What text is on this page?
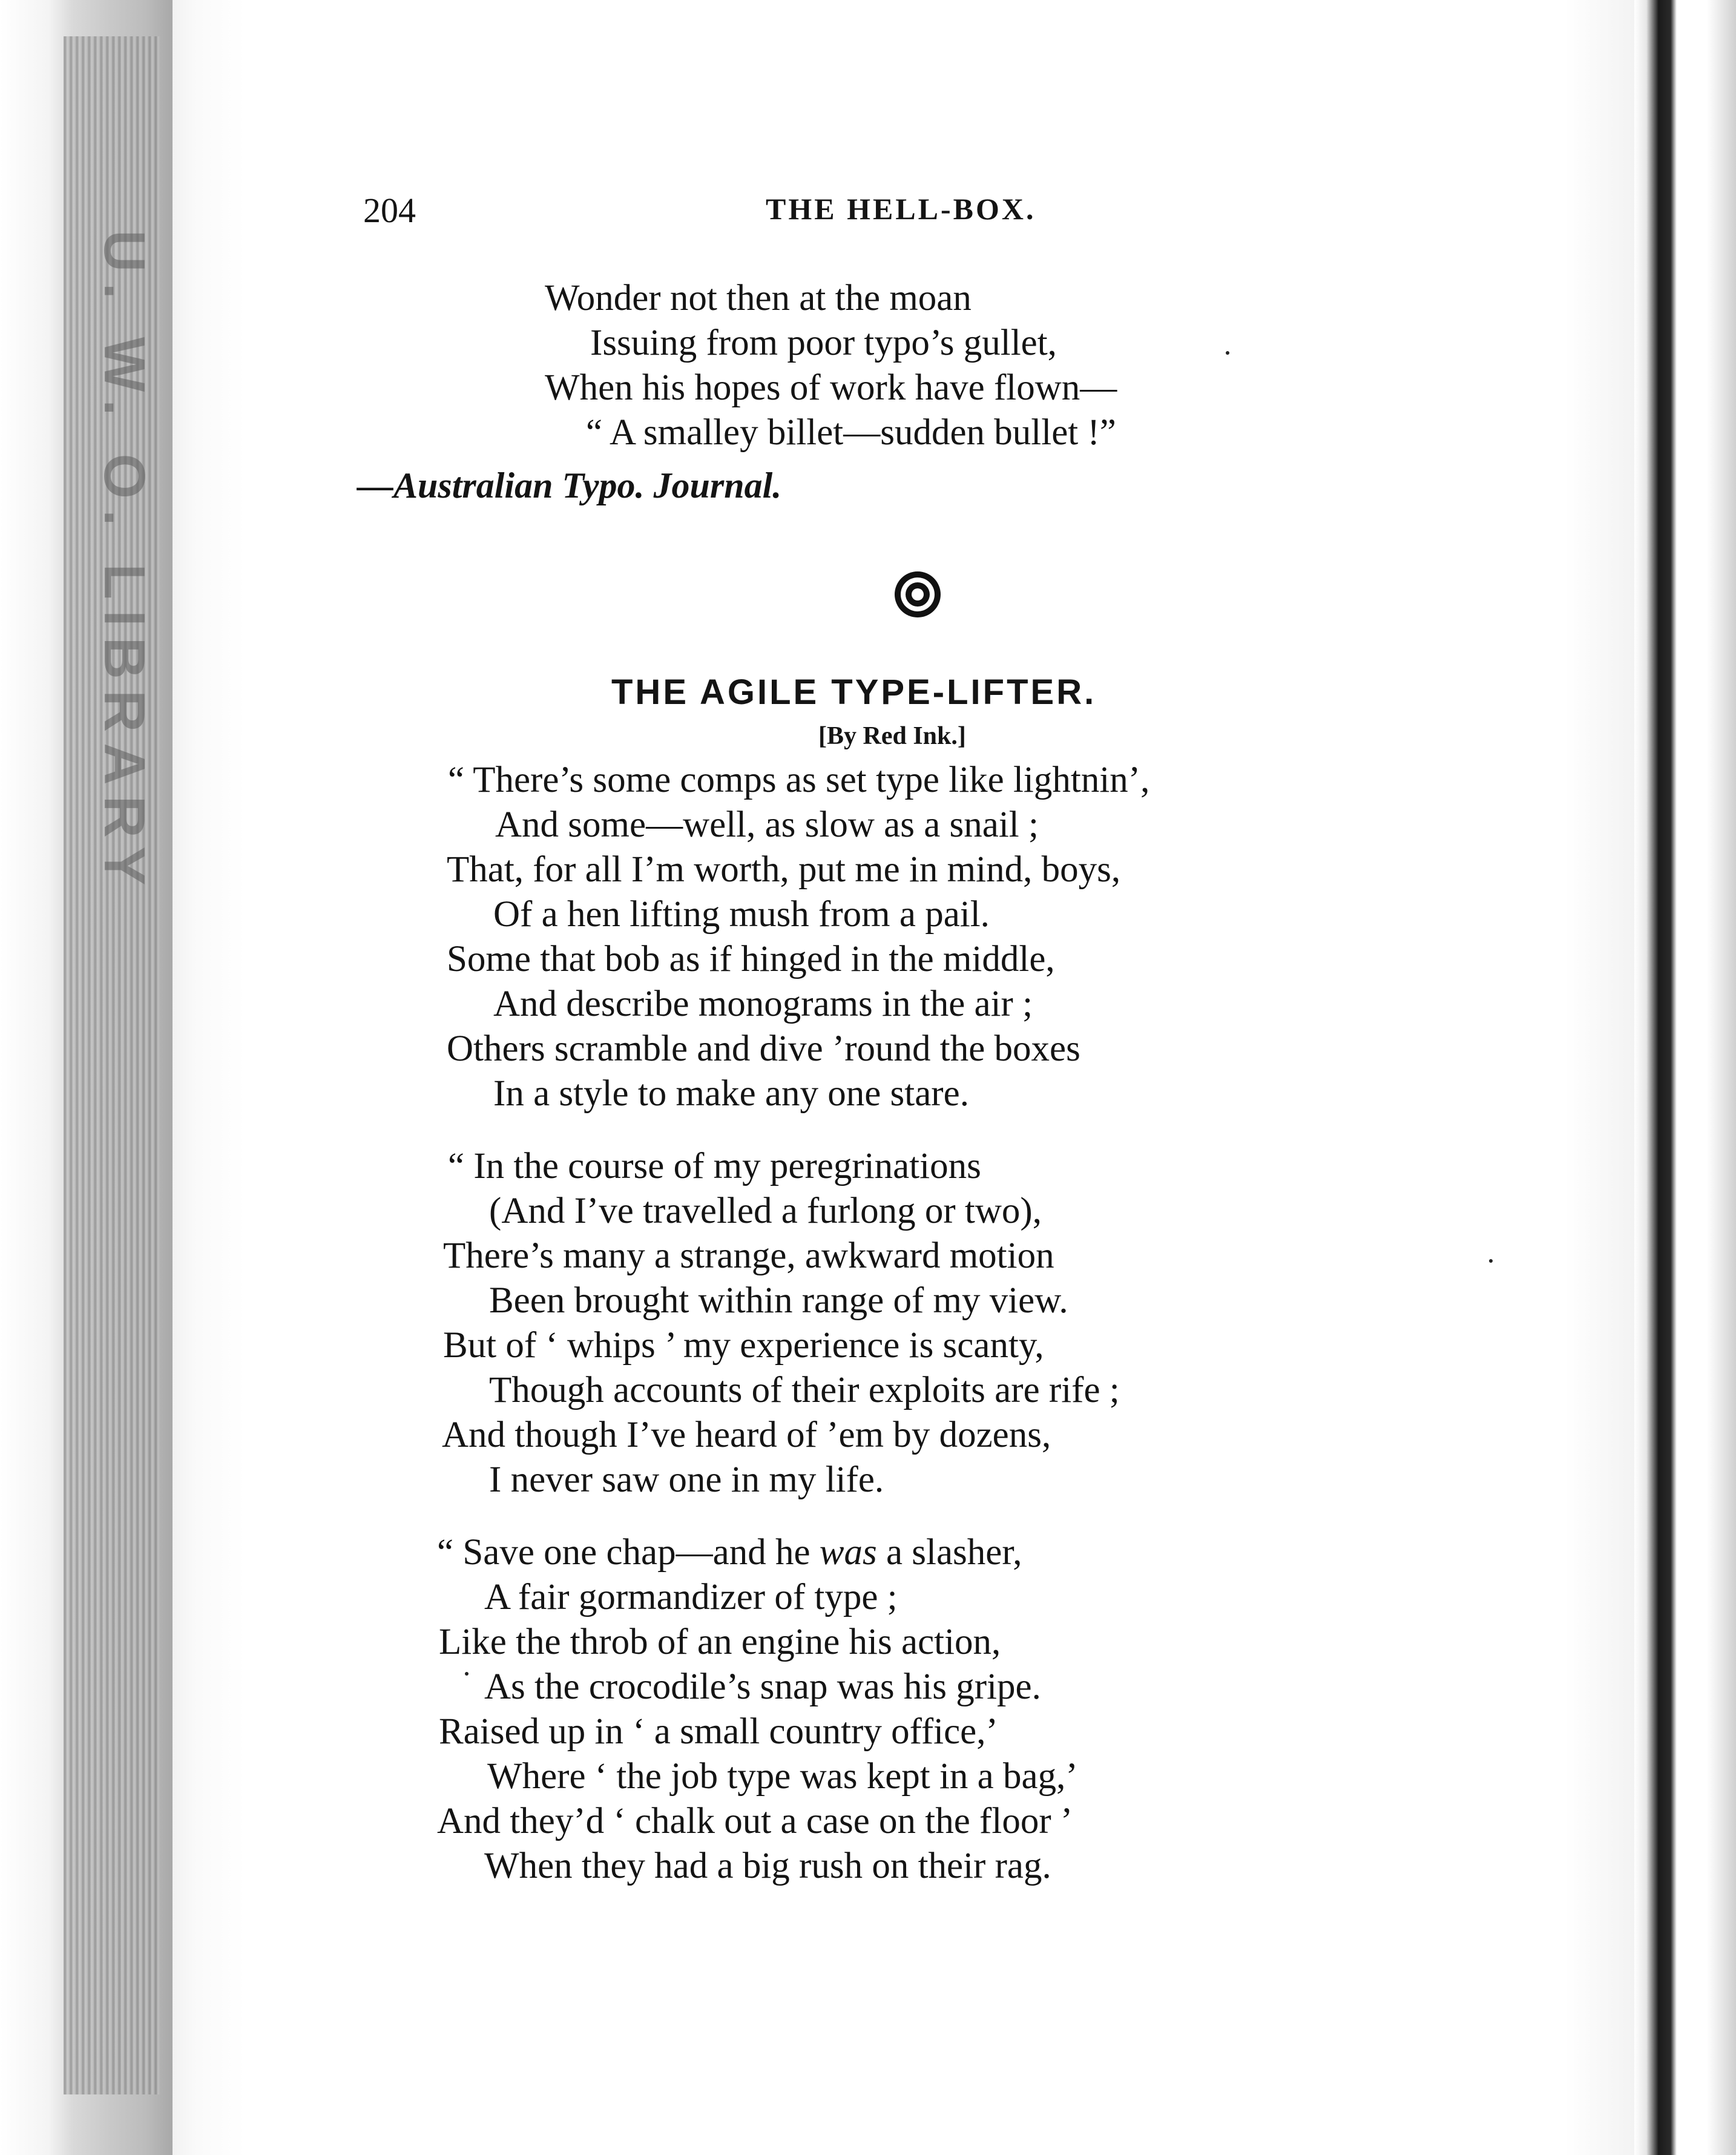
U. W. O. LIBRARY
204	THE HELL-BOX.
Wonder not then at the moan
Issuing from poor typo’s gullet,
When his hopes of work have flown—
“ A smalley billet—sudden bullet !”
—Australian Typo. Journal.
THE AGILE TYPE-LIFTER.
[By Red Ink.]
“ There’s some comps as set type like lightnin’,
And some—well, as slow as a snail ;
That, for all I’m worth, put me in mind, boys,
Of a hen lifting mush from a pail.
Some that bob as if hinged in the middle,
And describe monograms in the air ;
Others scramble and dive ’round the boxes
In a style to make any one stare.
“ In the course of my peregrinations
(And I’ve travelled a furlong or two),
There’s many a strange, awkward motion
Been brought within range of my view.
But of ‘ whips ’ my experience is scanty,
Though accounts of their exploits are rife ;
And though I’ve heard of ’em by dozens,
I never saw one in my life.
“ Save one chap—and he was a slasher,
A fair gormandizer of type ;
Like the throb of an engine his action,
As the crocodile’s snap was his gripe.
Raised up in ‘ a small country office,’
Where ‘ the job type was kept in a bag,’
And they’d ‘ chalk out a case on the floor ’
When they had a big rush on their rag.
